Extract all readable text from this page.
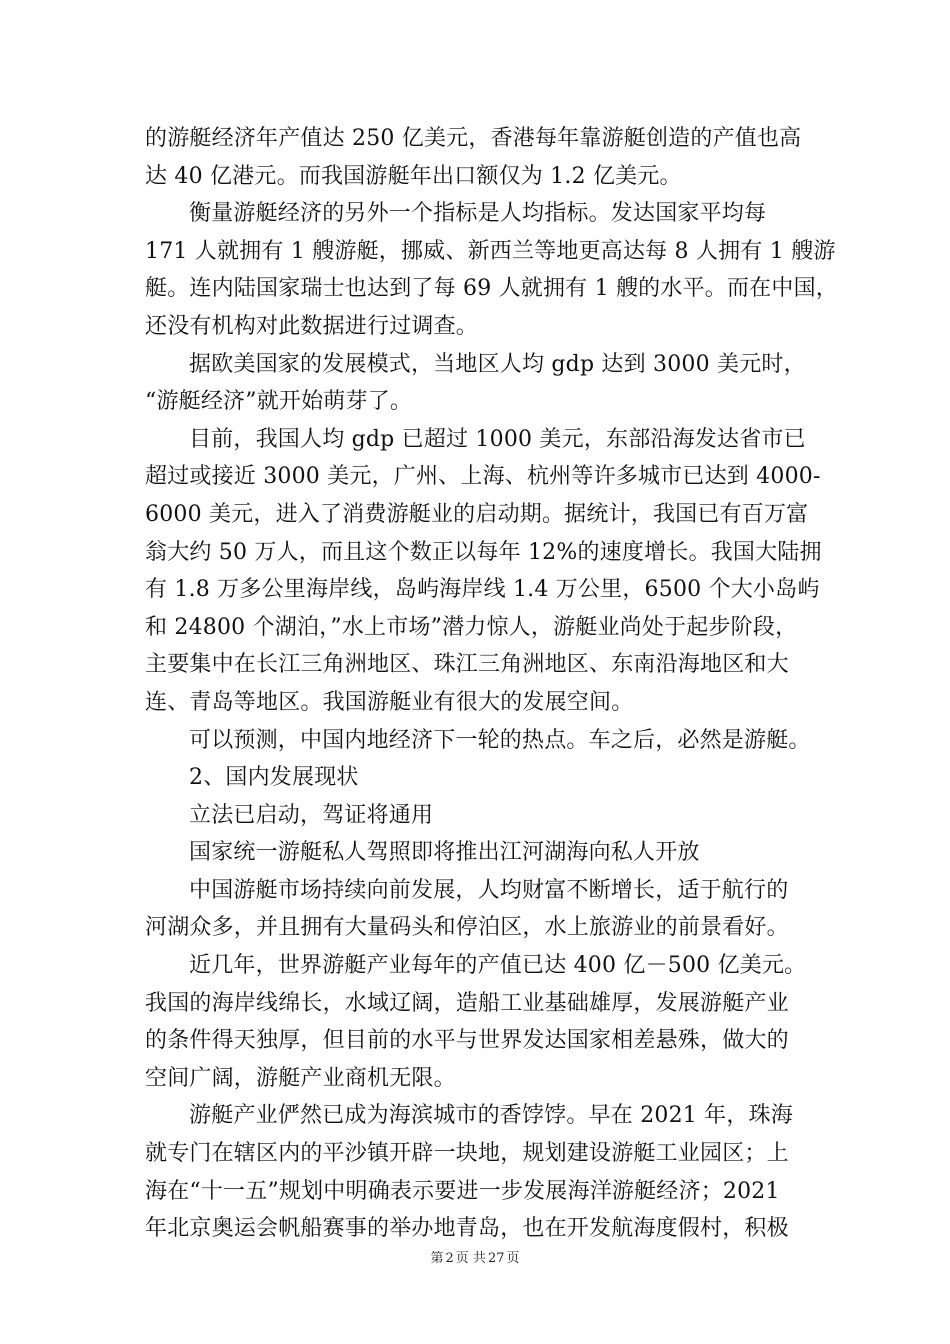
的游艇经济年产值达 250 亿美元，香港每年靠游艇创造的产值也高

达 40 亿港元。而我国游艇年出口额仅为 1.2 亿美元。

衡量游艇经济的另外一个指标是人均指标。发达国家平均每

171 人就拥有 1 艘游艇，挪威、新西兰等地更高达每 8 人拥有 1 艘游

艇。连内陆国家瑞士也达到了每 69 人就拥有 1 艘的水平。而在中国，

还没有机构对此数据进行过调查。

据欧美国家的发展模式，当地区人均 gdp 达到 3000 美元时，

“游艇经济”就开始萌芽了。

目前，我国人均 gdp 已超过 1000 美元，东部沿海发达省市已

超过或接近 3000 美元，广州、上海、杭州等许多城市已达到 4000-

6000 美元，进入了消费游艇业的启动期。据统计，我国已有百万富

翁大约 50 万人，而且这个数正以每年 12%的速度增长。我国大陆拥

有 1.8 万多公里海岸线，岛屿海岸线 1.4 万公里，6500 个大小岛屿

和 24800 个湖泊，”水上市场”潜力惊人，游艇业尚处于起步阶段，

主要集中在长江三角洲地区、珠江三角洲地区、东南沿海地区和大

连、青岛等地区。我国游艇业有很大的发展空间。

可以预测，中国内地经济下一轮的热点。车之后，必然是游艇。

2、国内发展现状

立法已启动，驾证将通用

国家统一游艇私人驾照即将推出江河湖海向私人开放

中国游艇市场持续向前发展，人均财富不断增长，适于航行的

河湖众多，并且拥有大量码头和停泊区，水上旅游业的前景看好。

近几年，世界游艇产业每年的产值已达 400 亿－500 亿美元。

我国的海岸线绵长，水域辽阔，造船工业基础雄厚，发展游艇产业

的条件得天独厚，但目前的水平与世界发达国家相差悬殊，做大的

空间广阔，游艇产业商机无限。

游艇产业俨然已成为海滨城市的香饽饽。早在 2021 年，珠海

就专门在辖区内的平沙镇开辟一块地，规划建设游艇工业园区；上

海在“十一五”规划中明确表示要进一步发展海洋游艇经济；2021

年北京奥运会帆船赛事的举办地青岛，也在开发航海度假村，积极

第 2 页 共 27 页
